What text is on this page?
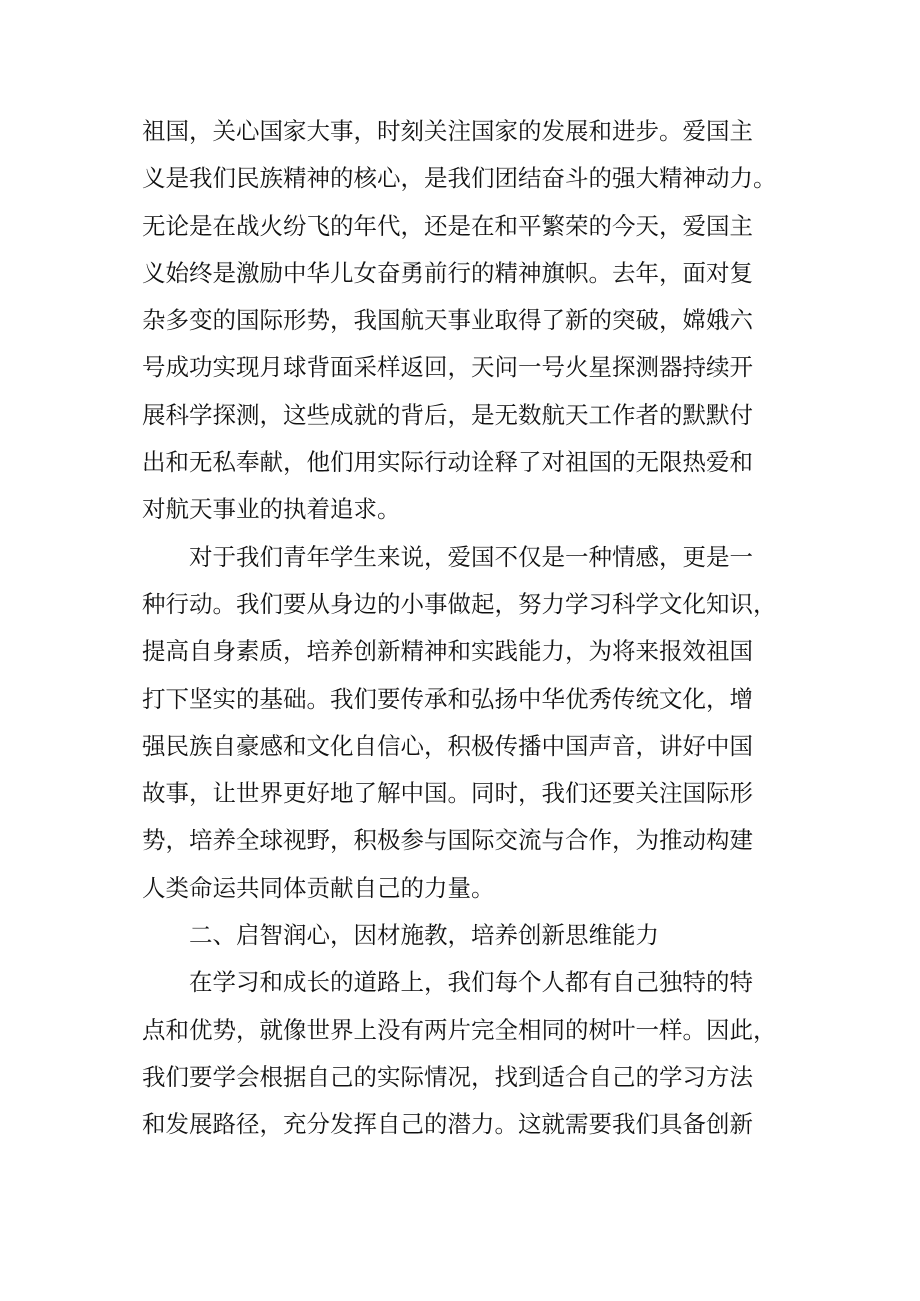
祖国，关心国家大事，时刻关注国家的发展和进步。爱国主
义是我们民族精神的核心，是我们团结奋斗的强大精神动力。
无论是在战火纷飞的年代，还是在和平繁荣的今天，爱国主
义始终是激励中华儿女奋勇前行的精神旗帜。去年，面对复
杂多变的国际形势，我国航天事业取得了新的突破，嫦娥六
号成功实现月球背面采样返回，天问一号火星探测器持续开
展科学探测，这些成就的背后，是无数航天工作者的默默付
出和无私奉献，他们用实际行动诠释了对祖国的无限热爱和
对航天事业的执着追求。
对于我们青年学生来说，爱国不仅是一种情感，更是一
种行动。我们要从身边的小事做起，努力学习科学文化知识，
提高自身素质，培养创新精神和实践能力，为将来报效祖国
打下坚实的基础。我们要传承和弘扬中华优秀传统文化，增
强民族自豪感和文化自信心，积极传播中国声音，讲好中国
故事，让世界更好地了解中国。同时，我们还要关注国际形
势，培养全球视野，积极参与国际交流与合作，为推动构建
人类命运共同体贡献自己的力量。
二、启智润心，因材施教，培养创新思维能力
在学习和成长的道路上，我们每个人都有自己独特的特
点和优势，就像世界上没有两片完全相同的树叶一样。因此，
我们要学会根据自己的实际情况，找到适合自己的学习方法
和发展路径，充分发挥自己的潜力。这就需要我们具备创新
